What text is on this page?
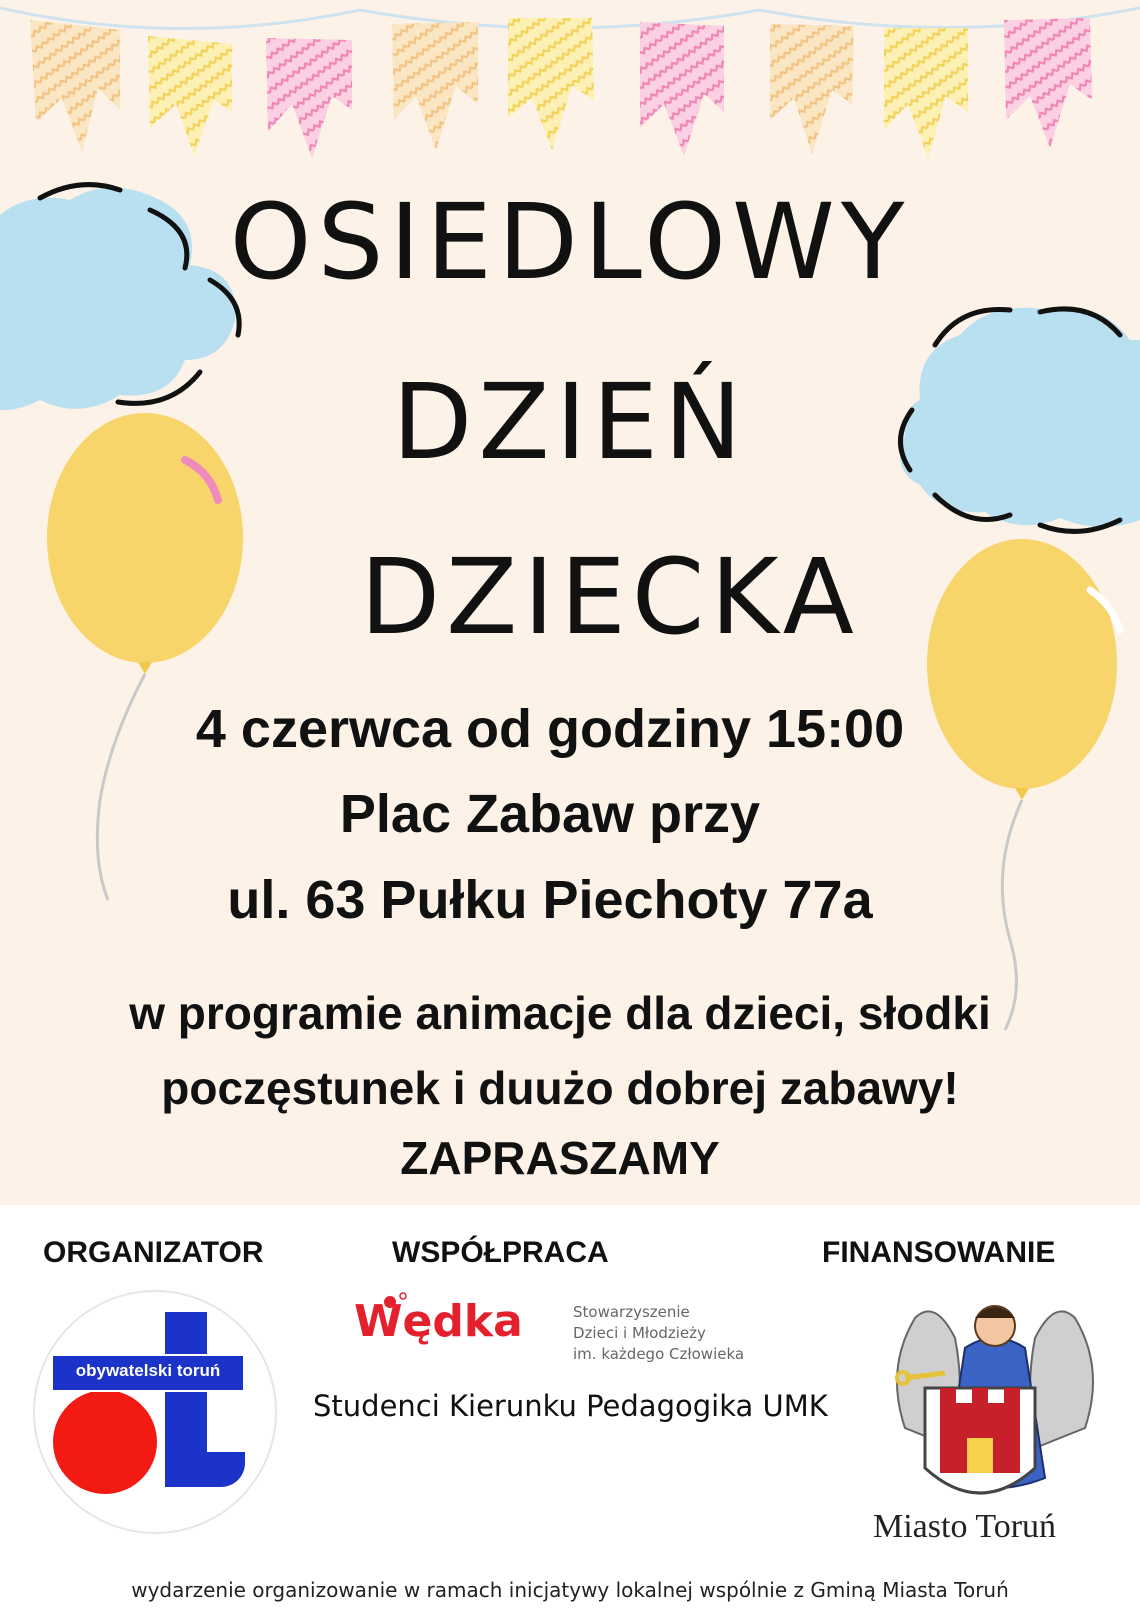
OSIEDLOWY
DZIEŃ
DZIECKA
4 czerwca od godziny 15:00
Plac Zabaw przy
ul. 63 Pułku Piechoty 77a
w programie animacje dla dzieci, słodki
poczęstunek i duużo dobrej zabawy!
ZAPRASZAMY
ORGANIZATOR	WSPÓŁPRACA	FINANSOWANIE
obywatelski toruń
Wędka	Stowarzyszenie
Dzieci i Młodzieży
im. każdego Człowieka
Studenci Kierunku Pedagogika UMK
Miasto Toruń
wydarzenie organizowanie w ramach inicjatywy lokalnej wspólnie z Gminą Miasta Toruń
